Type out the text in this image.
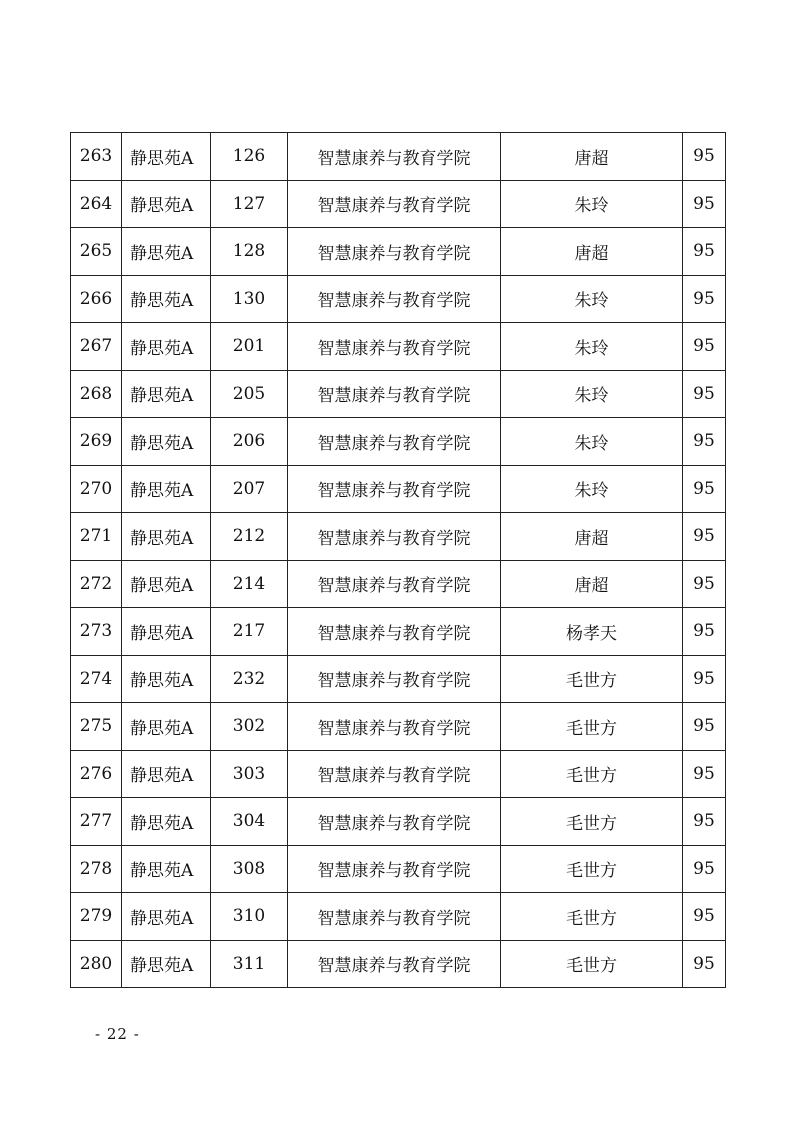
263	静思苑A	126	智慧康养与教育学院	唐超	95
264	静思苑A	127	智慧康养与教育学院	朱玲	95
265	静思苑A	128	智慧康养与教育学院	唐超	95
266	静思苑A	130	智慧康养与教育学院	朱玲	95
267	静思苑A	201	智慧康养与教育学院	朱玲	95
268	静思苑A	205	智慧康养与教育学院	朱玲	95
269	静思苑A	206	智慧康养与教育学院	朱玲	95
270	静思苑A	207	智慧康养与教育学院	朱玲	95
271	静思苑A	212	智慧康养与教育学院	唐超	95
272	静思苑A	214	智慧康养与教育学院	唐超	95
273	静思苑A	217	智慧康养与教育学院	杨孝天	95
274	静思苑A	232	智慧康养与教育学院	毛世方	95
275	静思苑A	302	智慧康养与教育学院	毛世方	95
276	静思苑A	303	智慧康养与教育学院	毛世方	95
277	静思苑A	304	智慧康养与教育学院	毛世方	95
278	静思苑A	308	智慧康养与教育学院	毛世方	95
279	静思苑A	310	智慧康养与教育学院	毛世方	95
280	静思苑A	311	智慧康养与教育学院	毛世方	95
- 22 -
